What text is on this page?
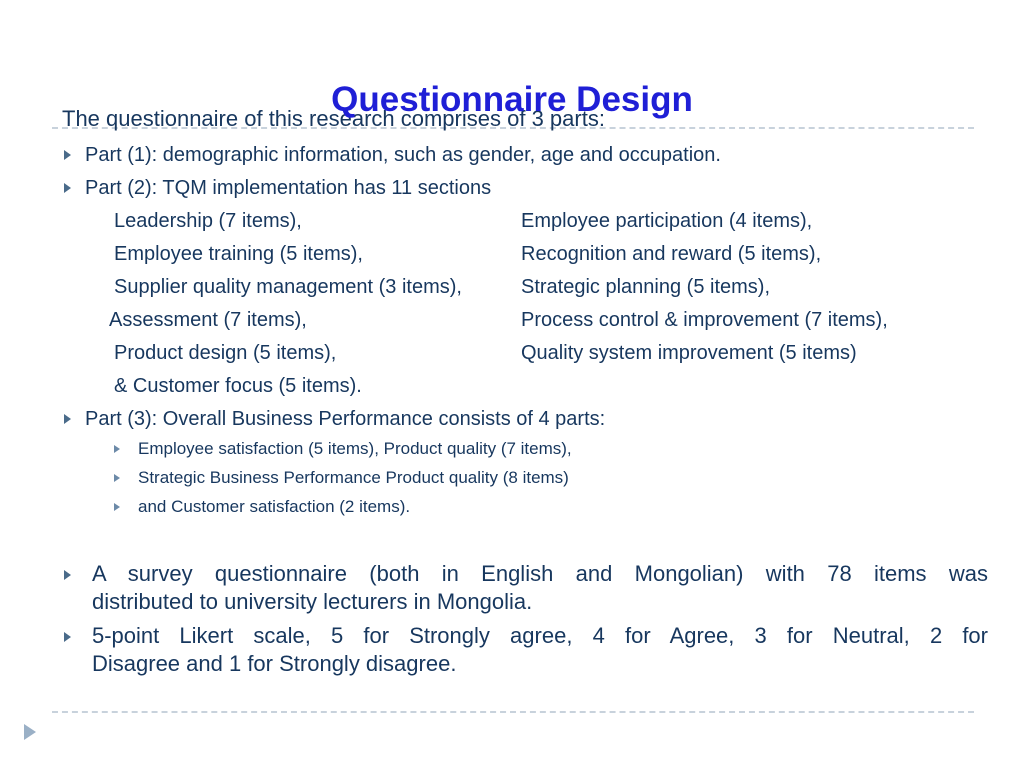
The questionnaire of this research comprises of 3 parts:
Questionnaire Design
Part (1): demographic information, such as gender, age and occupation.
Part (2): TQM implementation has 11 sections
Leadership (7 items),
Employee training (5 items),
Supplier quality management (3 items),
Assessment (7 items),
Product design (5 items),
& Customer focus (5 items).
Employee participation (4 items),
Recognition and reward (5 items),
Strategic planning (5 items),
Process control & improvement (7 items),
Quality system improvement (5 items)
Part (3): Overall Business Performance consists of 4 parts:
Employee satisfaction (5 items), Product quality (7 items),
Strategic Business Performance Product quality (8 items)
and Customer satisfaction (2 items).
A survey questionnaire (both in English and Mongolian) with 78 items was
distributed to university lecturers in Mongolia.
5-point Likert scale, 5 for Strongly agree, 4 for Agree, 3 for Neutral, 2 for
Disagree and 1 for Strongly disagree.
